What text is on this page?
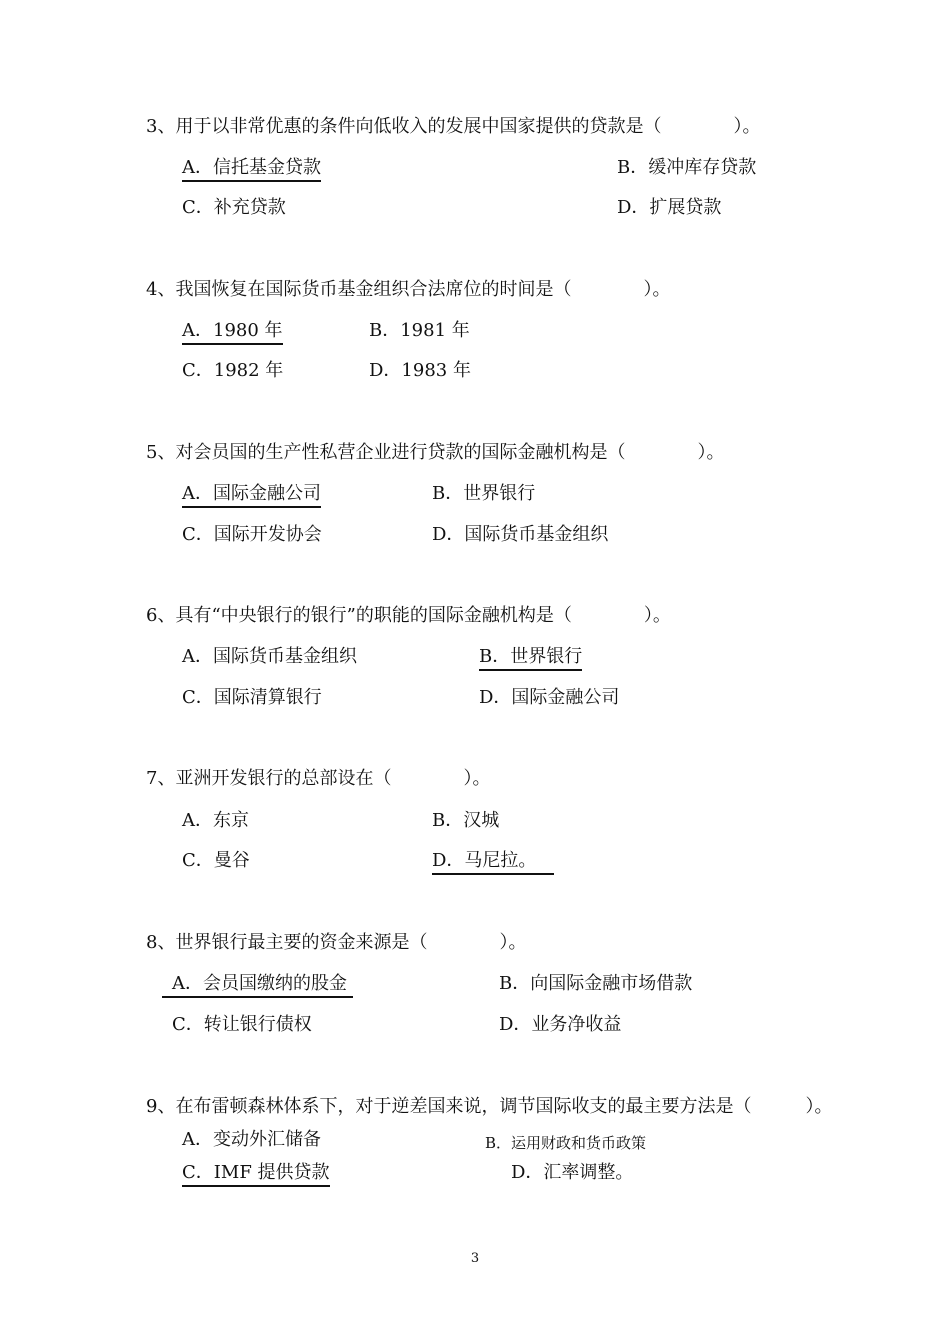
3、用于以非常优惠的条件向低收入的发展中国家提供的贷款是（　　　　）。
A．信托基金贷款	B．缓冲库存贷款
C．补充贷款	D．扩展贷款
4、我国恢复在国际货币基金组织合法席位的时间是（　　　　）。
A．1980 年	B．1981 年
C．1982 年	D．1983 年
5、对会员国的生产性私营企业进行贷款的国际金融机构是（　　　　）。
A．国际金融公司	B．世界银行
C．国际开发协会	D．国际货币基金组织
6、具有“中央银行的银行”的职能的国际金融机构是（　　　　）。
A．国际货币基金组织	B．世界银行
C．国际清算银行	D．国际金融公司
7、亚洲开发银行的总部设在（　　　　）。
A．东京	B．汉城
C．曼谷	D．马尼拉。
8、世界银行最主要的资金来源是（　　　　）。
A．会员国缴纳的股金	B．向国际金融市场借款
C．转让银行债权	D．业务净收益
9、在布雷顿森林体系下，对于逆差国来说，调节国际收支的最主要方法是（　　　）。
A．变动外汇储备	B．运用财政和货币政策
C．IMF 提供贷款	D．汇率调整。
3
